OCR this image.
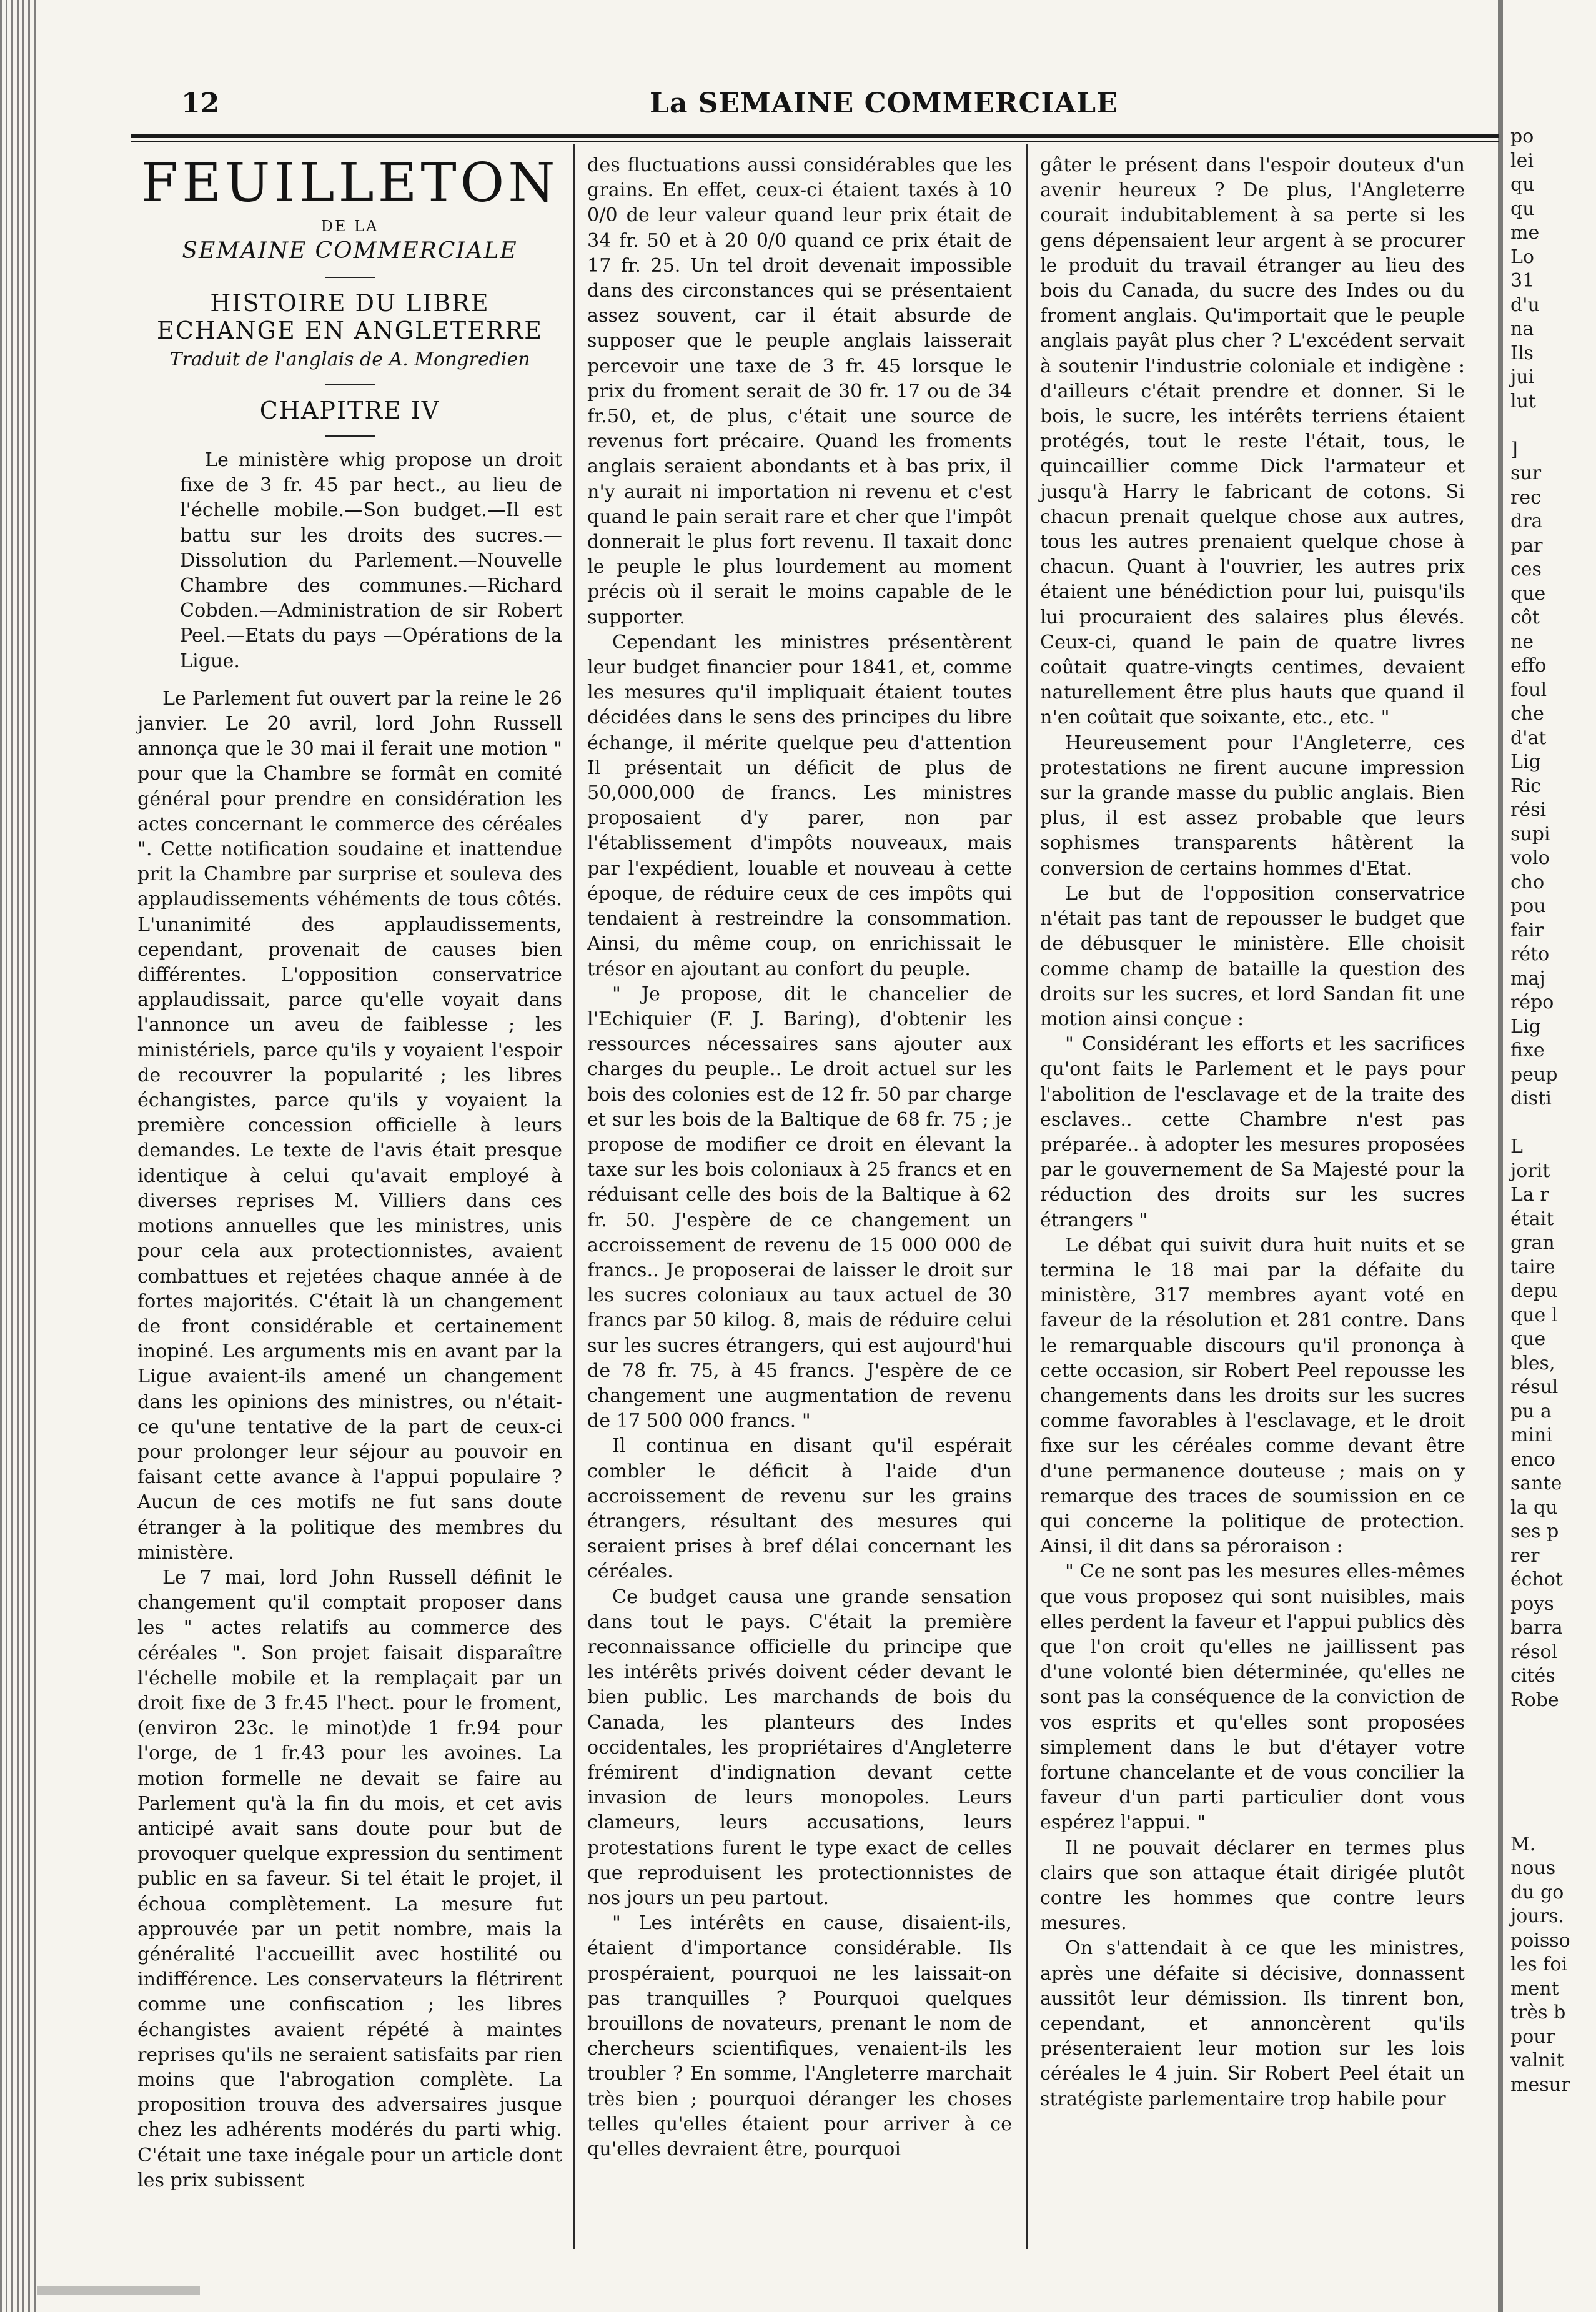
12	La SEMAINE COMMERCIALE
FEUILLETON
DE LA
SEMAINE COMMERCIALE
HISTOIRE DU LIBRE ECHANGE EN ANGLETERRE
Traduit de l'anglais de A. Mongredien
CHAPITRE IV

Le ministère whig propose un droit fixe de 3 fr. 45 par hect., au lieu de l'échelle mobile.—Son budget.—Il est battu sur les droits des sucres.—Dissolution du Parlement.—Nouvelle Chambre des communes.—Richard Cobden.—Administration de sir Robert Peel.—Etats du pays —Opérations de la Ligue.

Le Parlement fut ouvert par la reine le 26 janvier. Le 20 avril, lord John Russell annonça que le 30 mai il ferait une motion " pour que la Chambre se formât en comité général pour prendre en considération les actes concernant le commerce des céréales ". Cette notification soudaine et inattendue prit la Chambre par surprise et souleva des applaudissements véhéments de tous côtés. L'unanimité des applaudissements, cependant, provenait de causes bien différentes. L'opposition conservatrice applaudissait, parce qu'elle voyait dans l'annonce un aveu de faiblesse ; les ministériels, parce qu'ils y voyaient l'espoir de recouvrer la popularité ; les libres échangistes, parce qu'ils y voyaient la première concession officielle à leurs demandes. Le texte de l'avis était presque identique à celui qu'avait employé à diverses reprises M. Villiers dans ces motions annuelles que les ministres, unis pour cela aux protectionnistes, avaient combattues et rejetées chaque année à de fortes majorités. C'était là un changement de front considérable et certainement inopiné. Les arguments mis en avant par la Ligue avaient-ils amené un changement dans les opinions des ministres, ou n'était-ce qu'une tentative de la part de ceux-ci pour prolonger leur séjour au pouvoir en faisant cette avance à l'appui populaire ? Aucun de ces motifs ne fut sans doute étranger à la politique des membres du ministère.

Le 7 mai, lord John Russell définit le changement qu'il comptait proposer dans les " actes relatifs au commerce des céréales ". Son projet faisait disparaître l'échelle mobile et la remplaçait par un droit fixe de 3 fr.45 l'hect. pour le froment, (environ 23c. le minot)de 1 fr.94 pour l'orge, de 1 fr.43 pour les avoines. La motion formelle ne devait se faire au Parlement qu'à la fin du mois, et cet avis anticipé avait sans doute pour but de provoquer quelque expression du sentiment public en sa faveur. Si tel était le projet, il échoua complètement. La mesure fut approuvée par un petit nombre, mais la généralité l'accueillit avec hostilité ou indifférence. Les conservateurs la flétrirent comme une confiscation ; les libres échangistes avaient répété à maintes reprises qu'ils ne seraient satisfaits par rien moins que l'abrogation complète. La proposition trouva des adversaires jusque chez les adhérents modérés du parti whig. C'était une taxe inégale pour un article dont les prix subissent

des fluctuations aussi considérables que les grains. En effet, ceux-ci étaient taxés à 10 0/0 de leur valeur quand leur prix était de 34 fr. 50 et à 20 0/0 quand ce prix était de 17 fr. 25. Un tel droit devenait impossible dans des circonstances qui se présentaient assez souvent, car il était absurde de supposer que le peuple anglais laisserait percevoir une taxe de 3 fr. 45 lorsque le prix du froment serait de 30 fr. 17 ou de 34 fr.50, et, de plus, c'était une source de revenus fort précaire. Quand les froments anglais seraient abondants et à bas prix, il n'y aurait ni importation ni revenu et c'est quand le pain serait rare et cher que l'impôt donnerait le plus fort revenu. Il taxait donc le peuple le plus lourdement au moment précis où il serait le moins capable de le supporter.

Cependant les ministres présentèrent leur budget financier pour 1841, et, comme les mesures qu'il impliquait étaient toutes décidées dans le sens des principes du libre échange, il mérite quelque peu d'attention Il présentait un déficit de plus de 50,000,000 de francs. Les ministres proposaient d'y parer, non par l'établissement d'impôts nouveaux, mais par l'expédient, louable et nouveau à cette époque, de réduire ceux de ces impôts qui tendaient à restreindre la consommation. Ainsi, du même coup, on enrichissait le trésor en ajoutant au confort du peuple.

" Je propose, dit le chancelier de l'Echiquier (F. J. Baring), d'obtenir les ressources nécessaires sans ajouter aux charges du peuple.. Le droit actuel sur les bois des colonies est de 12 fr. 50 par charge et sur les bois de la Baltique de 68 fr. 75 ; je propose de modifier ce droit en élevant la taxe sur les bois coloniaux à 25 francs et en réduisant celle des bois de la Baltique à 62 fr. 50. J'espère de ce changement un accroissement de revenu de 15 000 000 de francs.. Je proposerai de laisser le droit sur les sucres coloniaux au taux actuel de 30 francs par 50 kilog. 8, mais de réduire celui sur les sucres étrangers, qui est aujourd'hui de 78 fr. 75, à 45 francs. J'espère de ce changement une augmentation de revenu de 17 500 000 francs. "

Il continua en disant qu'il espérait combler le déficit à l'aide d'un accroissement de revenu sur les grains étrangers, résultant des mesures qui seraient prises à bref délai concernant les céréales.

Ce budget causa une grande sensation dans tout le pays. C'était la première reconnaissance officielle du principe que les intérêts privés doivent céder devant le bien public. Les marchands de bois du Canada, les planteurs des Indes occidentales, les propriétaires d'Angleterre frémirent d'indignation devant cette invasion de leurs monopoles. Leurs clameurs, leurs accusations, leurs protestations furent le type exact de celles que reproduisent les protectionnistes de nos jours un peu partout.

" Les intérêts en cause, disaient-ils, étaient d'importance considérable. Ils prospéraient, pourquoi ne les laissait-on pas tranquilles ? Pourquoi quelques brouillons de novateurs, prenant le nom de chercheurs scientifiques, venaient-ils les troubler ? En somme, l'Angleterre marchait très bien ; pourquoi déranger les choses telles qu'elles étaient pour arriver à ce qu'elles devraient être, pourquoi

gâter le présent dans l'espoir douteux d'un avenir heureux ? De plus, l'Angleterre courait indubitablement à sa perte si les gens dépensaient leur argent à se procurer le produit du travail étranger au lieu des bois du Canada, du sucre des Indes ou du froment anglais. Qu'importait que le peuple anglais payât plus cher ? L'excédent servait à soutenir l'industrie coloniale et indigène : d'ailleurs c'était prendre et donner. Si le bois, le sucre, les intérêts terriens étaient protégés, tout le reste l'était, tous, le quincaillier comme Dick l'armateur et jusqu'à Harry le fabricant de cotons. Si chacun prenait quelque chose aux autres, tous les autres prenaient quelque chose à chacun. Quant à l'ouvrier, les autres prix étaient une bénédiction pour lui, puisqu'ils lui procuraient des salaires plus élevés. Ceux-ci, quand le pain de quatre livres coûtait quatre-vingts centimes, devaient naturellement être plus hauts que quand il n'en coûtait que soixante, etc., etc. "

Heureusement pour l'Angleterre, ces protestations ne firent aucune impression sur la grande masse du public anglais. Bien plus, il est assez probable que leurs sophismes transparents hâtèrent la conversion de certains hommes d'Etat.

Le but de l'opposition conservatrice n'était pas tant de repousser le budget que de débusquer le ministère. Elle choisit comme champ de bataille la question des droits sur les sucres, et lord Sandan fit une motion ainsi conçue :

" Considérant les efforts et les sacrifices qu'ont faits le Parlement et le pays pour l'abolition de l'esclavage et de la traite des esclaves.. cette Chambre n'est pas préparée.. à adopter les mesures proposées par le gouvernement de Sa Majesté pour la réduction des droits sur les sucres étrangers "

Le débat qui suivit dura huit nuits et se termina le 18 mai par la défaite du ministère, 317 membres ayant voté en faveur de la résolution et 281 contre. Dans le remarquable discours qu'il prononça à cette occasion, sir Robert Peel repousse les changements dans les droits sur les sucres comme favorables à l'esclavage, et le droit fixe sur les céréales comme devant être d'une permanence douteuse ; mais on y remarque des traces de soumission en ce qui concerne la politique de protection. Ainsi, il dit dans sa péroraison :

" Ce ne sont pas les mesures elles-mêmes que vous proposez qui sont nuisibles, mais elles perdent la faveur et l'appui publics dès que l'on croit qu'elles ne jaillissent pas d'une volonté bien déterminée, qu'elles ne sont pas la conséquence de la conviction de vos esprits et qu'elles sont proposées simplement dans le but d'étayer votre fortune chancelante et de vous concilier la faveur d'un parti particulier dont vous espérez l'appui. "

Il ne pouvait déclarer en termes plus clairs que son attaque était dirigée plutôt contre les hommes que contre leurs mesures.

On s'attendait à ce que les ministres, après une défaite si décisive, donnassent aussitôt leur démission. Ils tinrent bon, cependant, et annoncèrent qu'ils présenteraient leur motion sur les lois céréales le 4 juin. Sir Robert Peel était un stratégiste parlementaire trop habile pour

po
lei
qu
qu
me
Lo
31
d'u
na
Ils
jui
lut

]
sur
rec
dra
par
ces
que
côt
ne
effo
foul
che
d'at
Lig
Ric
rési
supi
volo
cho
pou
fair
réto
maj
répo
Lig
fixe
peup
disti

L
jorit
La r
était
gran
taire
depu
que l
que
bles,
résul
pu a
mini
enco
sante
la qu
ses p
rer
échot
poys
barra
résol
cités
Robe

M.
nous
du go
jours.
poisso
les foi
ment
très b
pour
valnit
mesur
